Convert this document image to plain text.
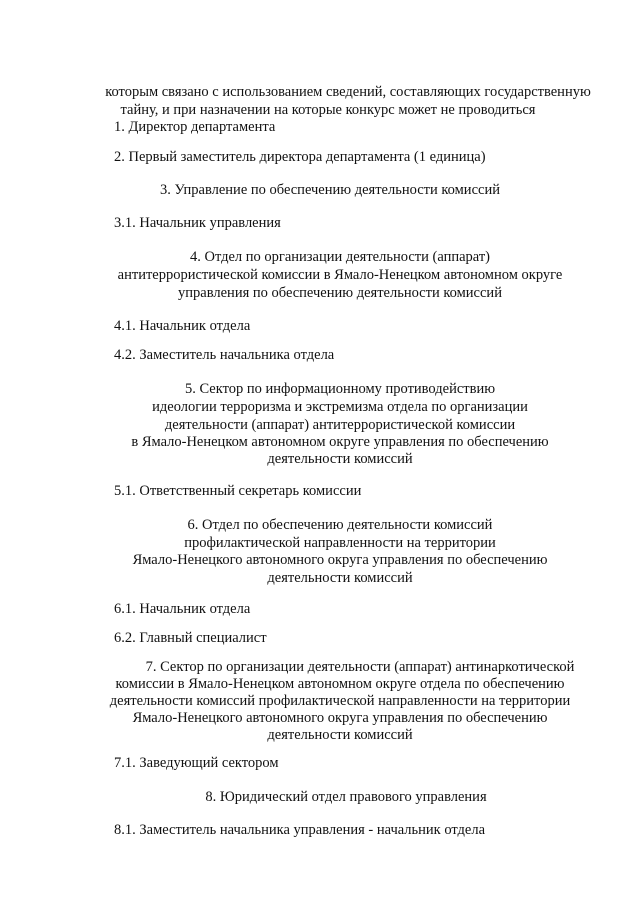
которым связано с использованием сведений, составляющих государственную
тайну, и при назначении на которые конкурс может не проводиться
1. Директор департамента
2. Первый заместитель директора департамента (1 единица)
3. Управление по обеспечению деятельности комиссий
3.1. Начальник управления
4. Отдел по организации деятельности (аппарат)
антитеррористической комиссии в Ямало-Ненецком автономном округе
управления по обеспечению деятельности комиссий
4.1. Начальник отдела
4.2. Заместитель начальника отдела
5. Сектор по информационному противодействию
идеологии терроризма и экстремизма отдела по организации
деятельности (аппарат) антитеррористической комиссии
в Ямало-Ненецком автономном округе управления по обеспечению
деятельности комиссий
5.1. Ответственный секретарь комиссии
6. Отдел по обеспечению деятельности комиссий
профилактической направленности на территории
Ямало-Ненецкого автономного округа управления по обеспечению
деятельности комиссий
6.1. Начальник отдела
6.2. Главный специалист
7. Сектор по организации деятельности (аппарат) антинаркотической
комиссии в Ямало-Ненецком автономном округе отдела по обеспечению
деятельности комиссий профилактической направленности на территории
Ямало-Ненецкого автономного округа управления по обеспечению
деятельности комиссий
7.1. Заведующий сектором
8. Юридический отдел правового управления
8.1. Заместитель начальника управления - начальник отдела
